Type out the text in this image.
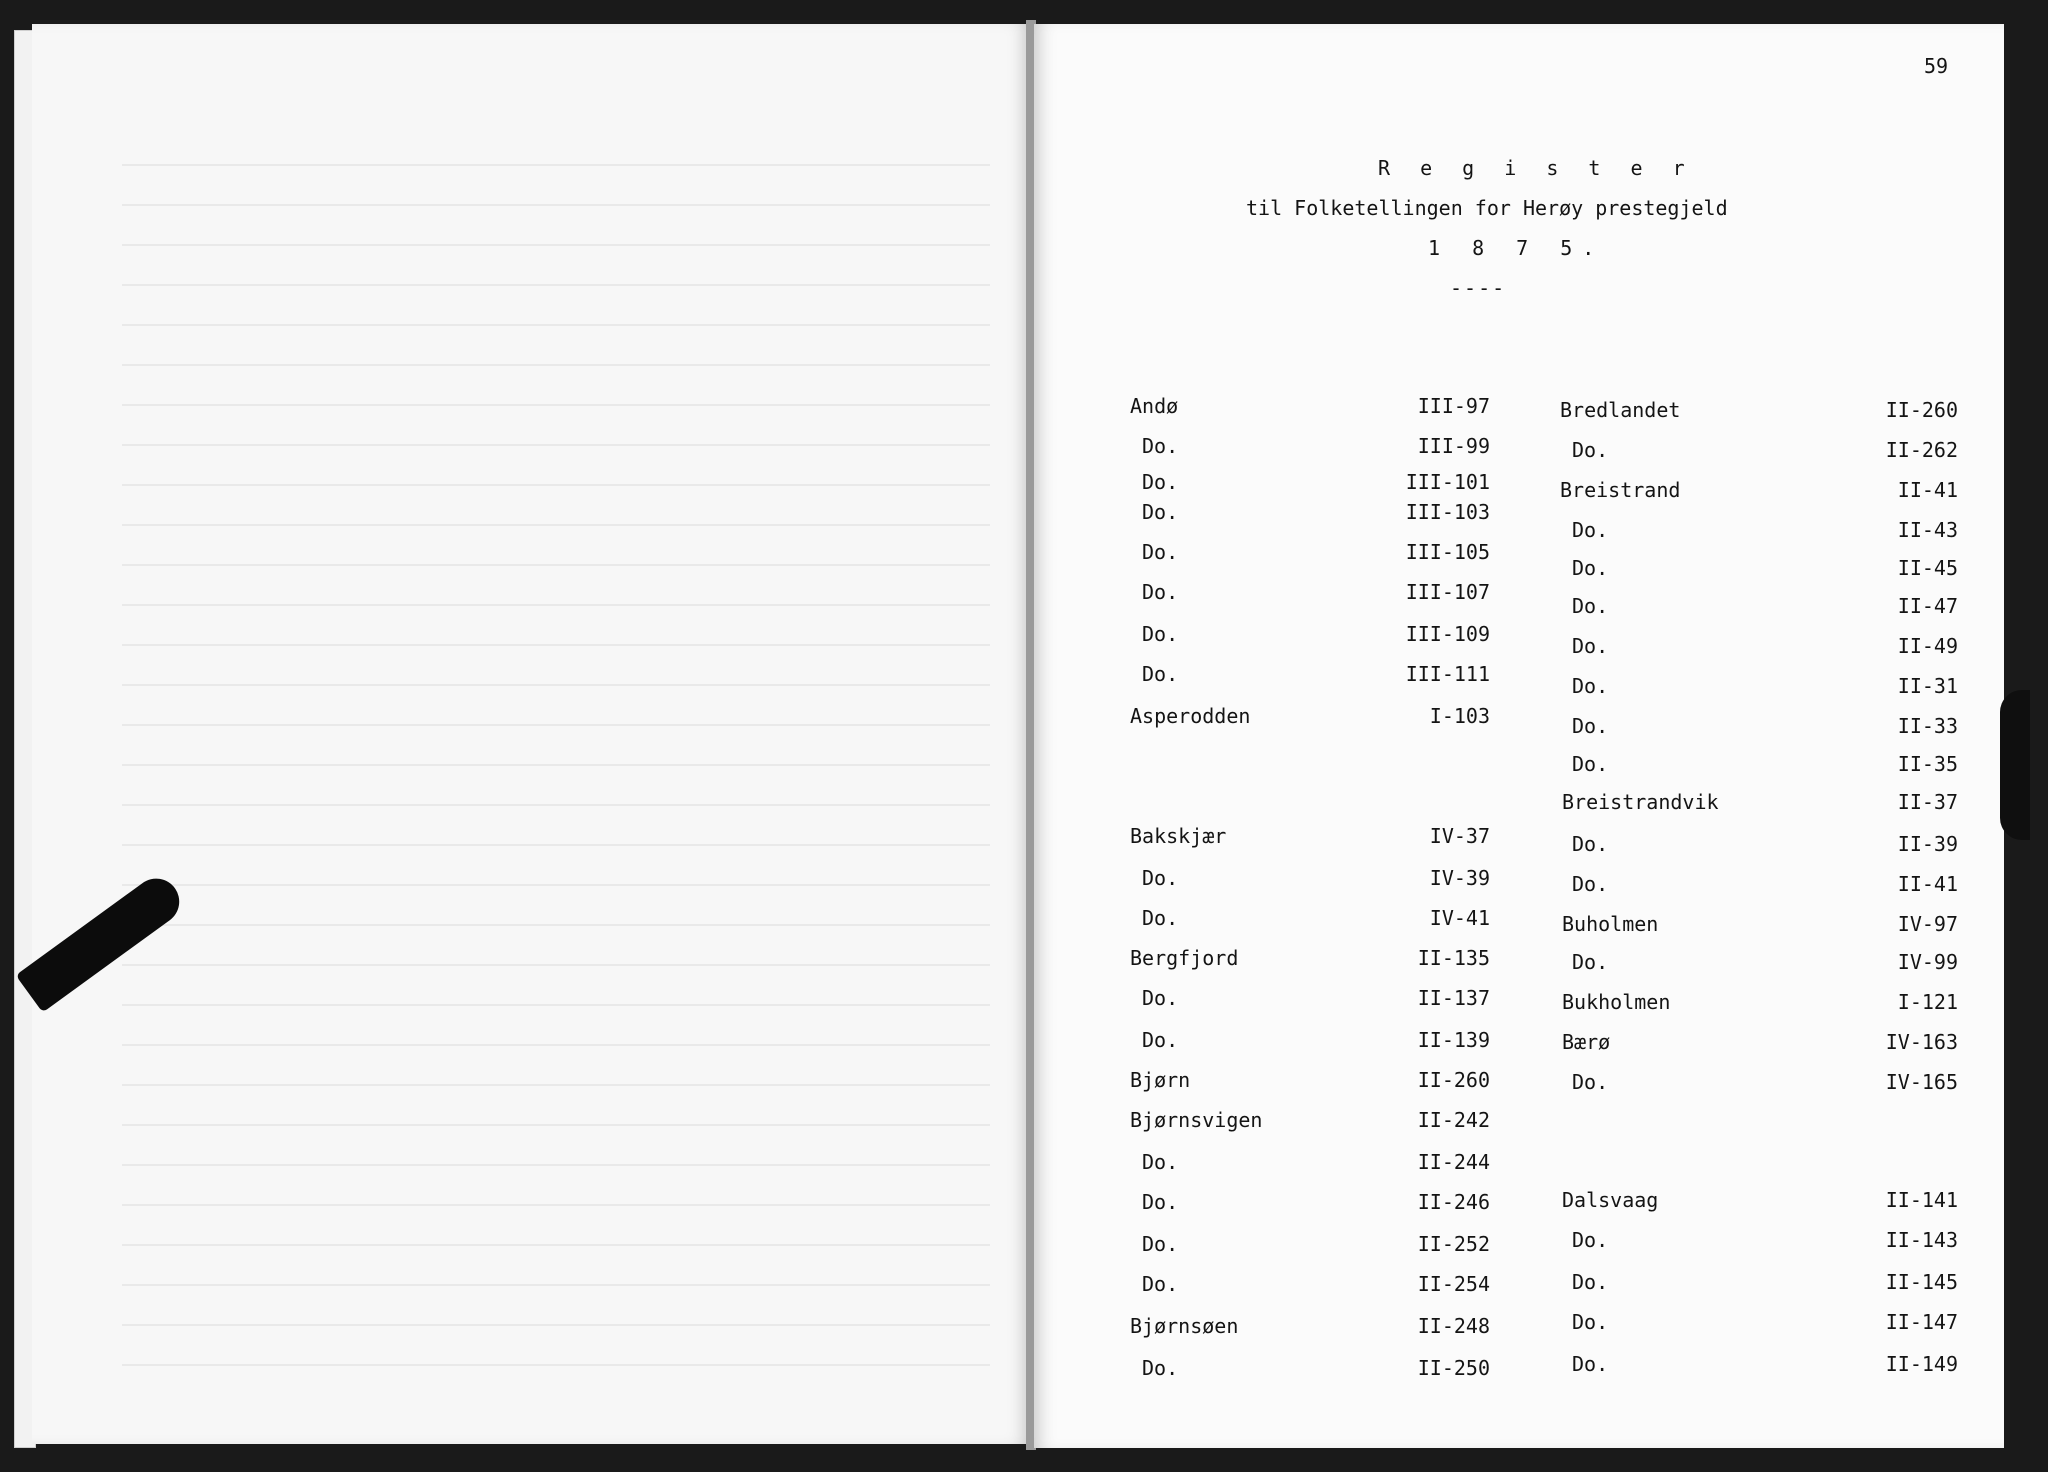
59
R e g i s t e r
til Folketellingen for Herøy prestegjeld
1 8 7 5.
----
Andø	III-97
Do.	III-99
Do.	III-101
Do.	III-103
Do.	III-105
Do.	III-107
Do.	III-109
Do.	III-111
Asperodden	I-103
Bakskjær	IV-37
Do.	IV-39
Do.	IV-41
Bergfjord	II-135
Do.	II-137
Do.	II-139
Bjørn	II-260
Bjørnsvigen	II-242
Do.	II-244
Do.	II-246
Do.	II-252
Do.	II-254
Bjørnsøen	II-248
Do.	II-250
Bredlandet	II-260
Do.	II-262
Breistrand	II-41
Do.	II-43
Do.	II-45
Do.	II-47
Do.	II-49
Do.	II-31
Do.	II-33
Do.	II-35
Breistrandvik	II-37
Do.	II-39
Do.	II-41
Buholmen	IV-97
Do.	IV-99
Bukholmen	I-121
Bærø	IV-163
Do.	IV-165
Dalsvaag	II-141
Do.	II-143
Do.	II-145
Do.	II-147
Do.	II-149
